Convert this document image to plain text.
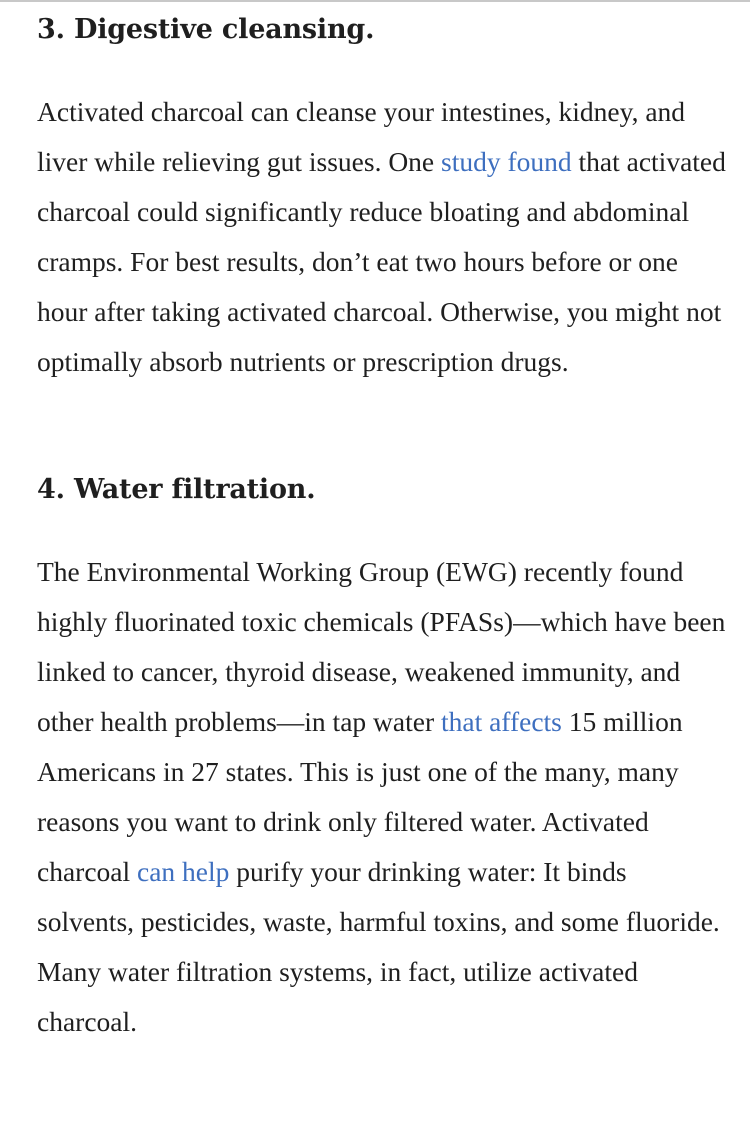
3. Digestive cleansing.

Activated charcoal can cleanse your intestines, kidney, and liver while relieving gut issues. One study found that activated charcoal could significantly reduce bloating and abdominal cramps. For best results, don’t eat two hours before or one hour after taking activated charcoal. Otherwise, you might not optimally absorb nutrients or prescription drugs.

4. Water filtration.

The Environmental Working Group (EWG) recently found highly fluorinated toxic chemicals (PFASs)—which have been linked to cancer, thyroid disease, weakened immunity, and other health problems—in tap water that affects 15 million Americans in 27 states. This is just one of the many, many reasons you want to drink only filtered water. Activated charcoal can help purify your drinking water: It binds solvents, pesticides, waste, harmful toxins, and some fluoride. Many water filtration systems, in fact, utilize activated charcoal.
